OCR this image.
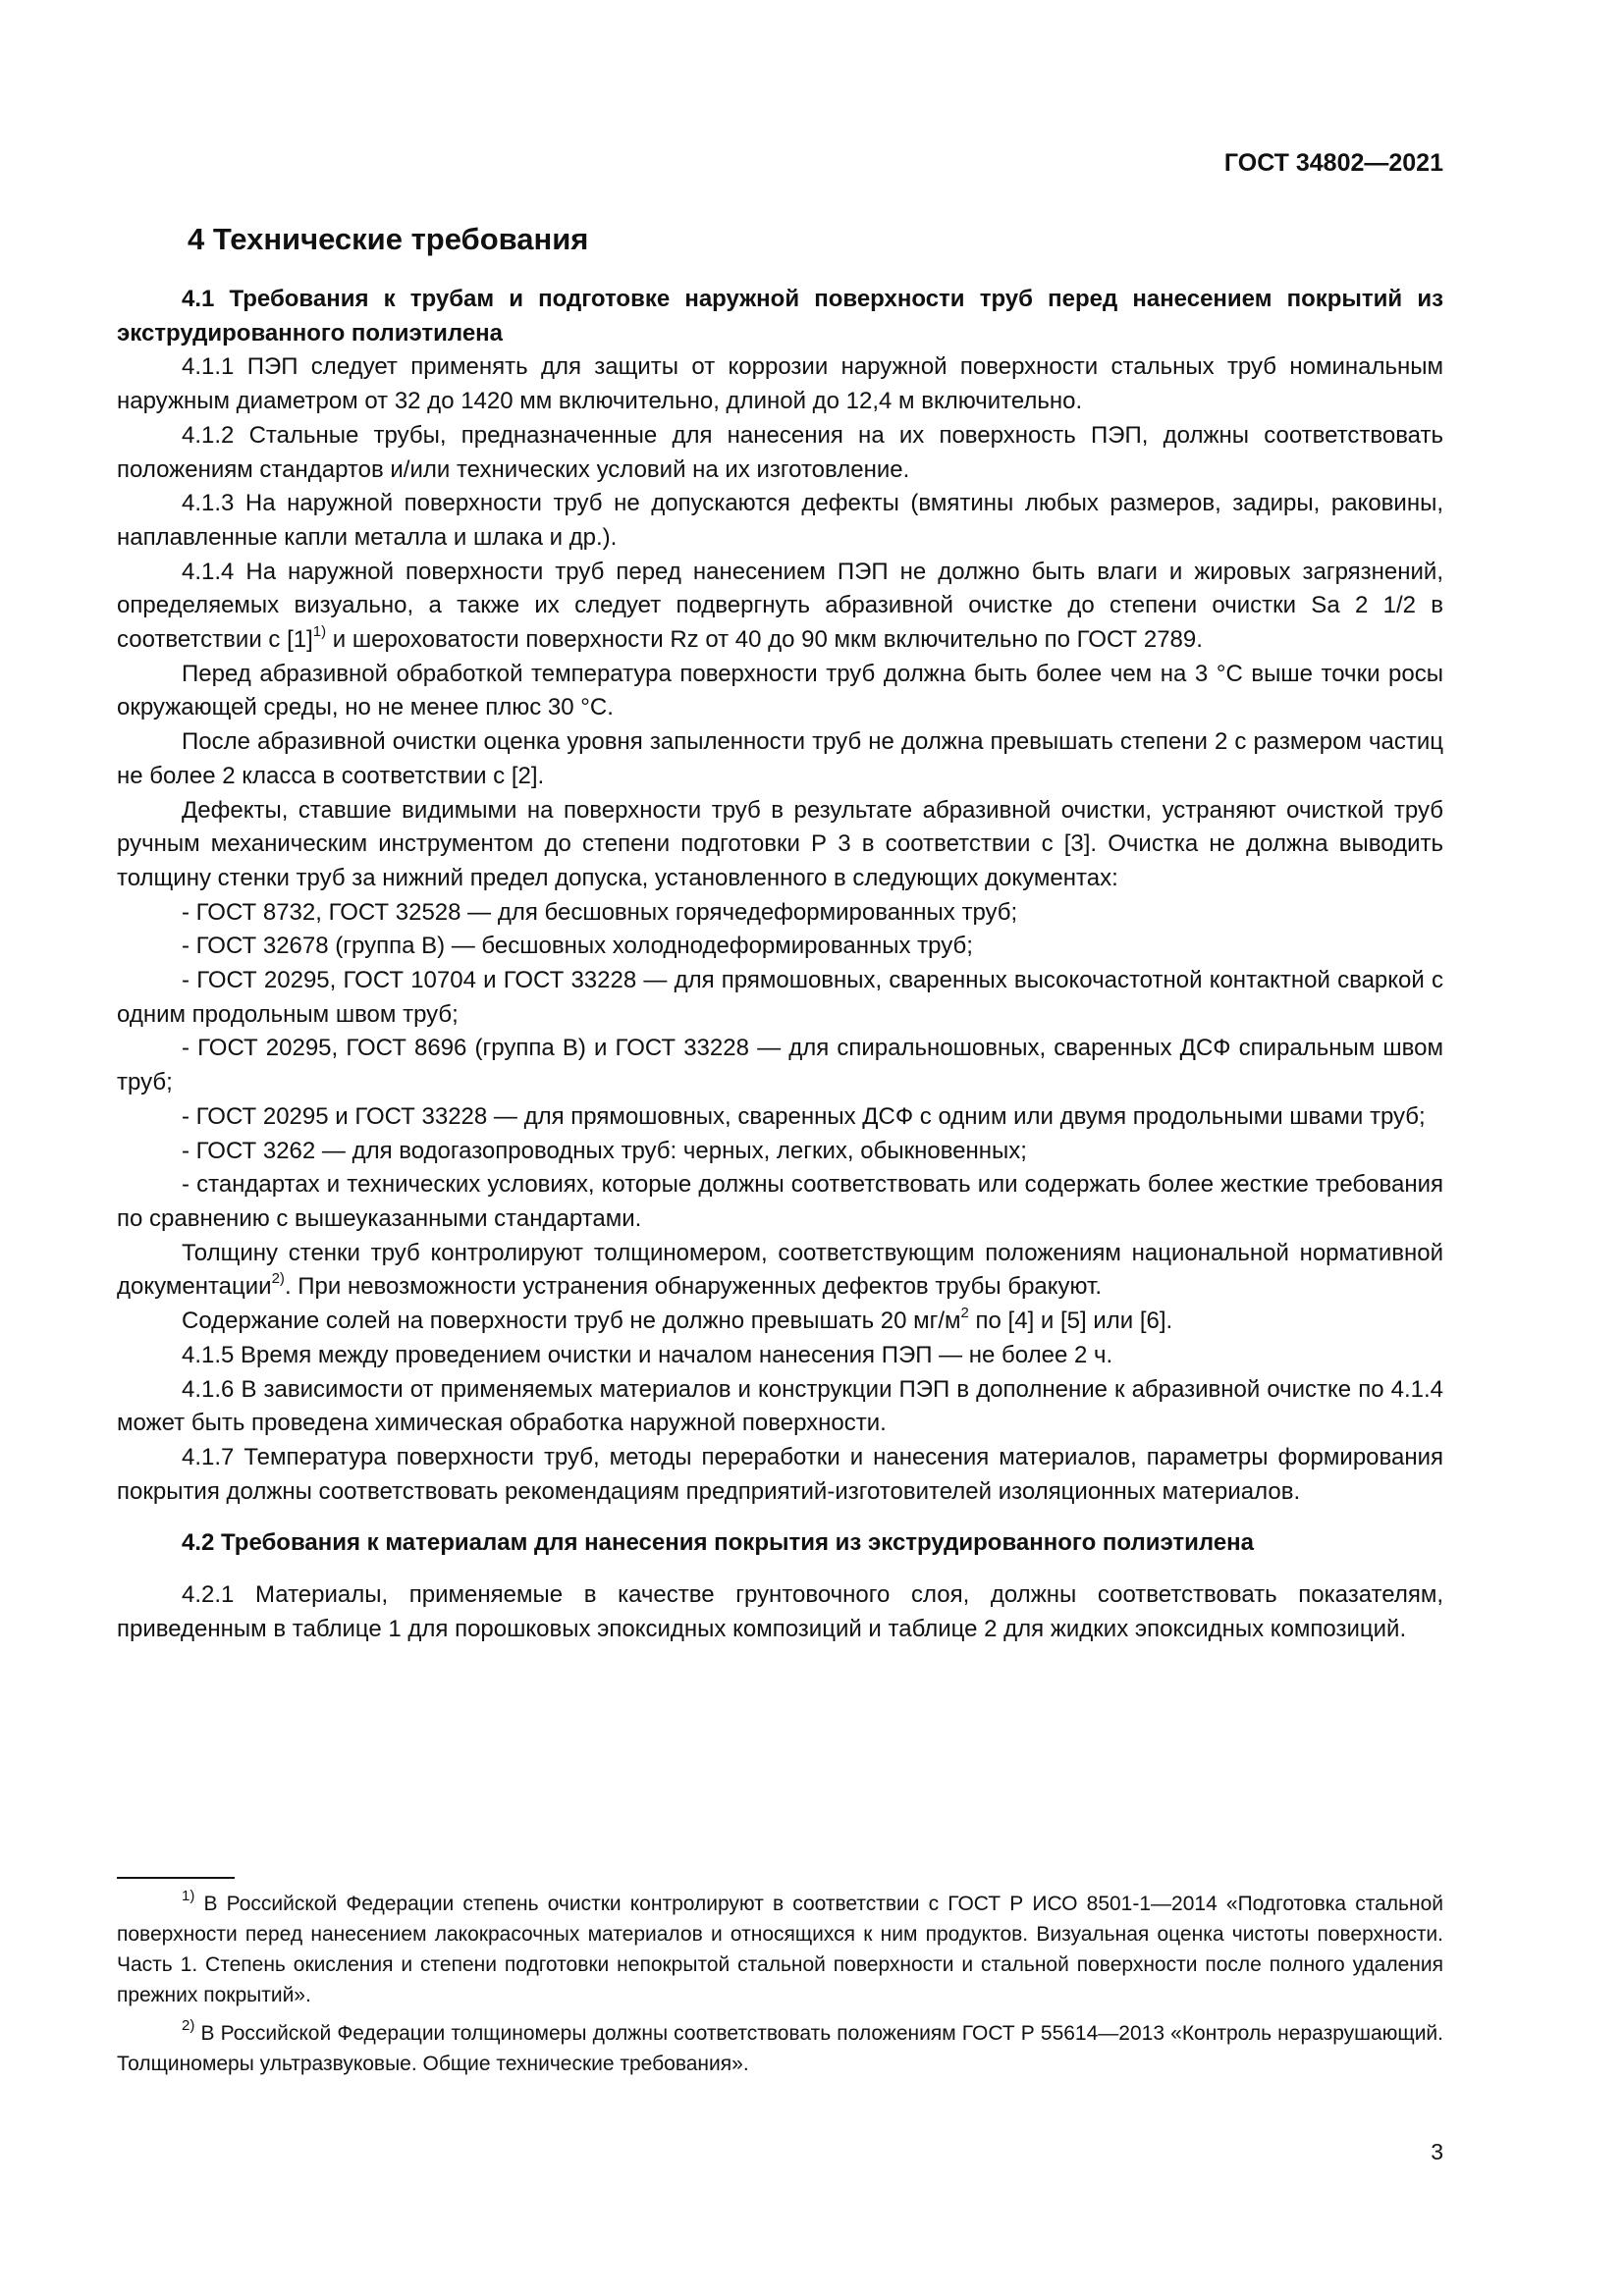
ГОСТ 34802—2021
4 Технические требования

4.1 Требования к трубам и подготовке наружной поверхности труб перед нанесением покрытий из экструдированного полиэтилена

4.1.1 ПЭП следует применять для защиты от коррозии наружной поверхности стальных труб номинальным наружным диаметром от 32 до 1420 мм включительно, длиной до 12,4 м включительно.

4.1.2 Стальные трубы, предназначенные для нанесения на их поверхность ПЭП, должны соответствовать положениям стандартов и/или технических условий на их изготовление.

4.1.3 На наружной поверхности труб не допускаются дефекты (вмятины любых размеров, задиры, раковины, наплавленные капли металла и шлака и др.).

4.1.4 На наружной поверхности труб перед нанесением ПЭП не должно быть влаги и жировых загрязнений, определяемых визуально, а также их следует подвергнуть абразивной очистке до степени очистки Sa 2 1/2 в соответствии с $[1]^{1)}$ и шероховатости поверхности Rz от 40 до 90 мкм включительно по ГОСТ 2789.

Перед абразивной обработкой температура поверхности труб должна быть более чем на 3 °С выше точки росы окружающей среды, но не менее плюс 30 °С.

После абразивной очистки оценка уровня запыленности труб не должна превышать степени 2 с размером частиц не более 2 класса в соответствии с [2].

Дефекты, ставшие видимыми на поверхности труб в результате абразивной очистки, устраняют очисткой труб ручным механическим инструментом до степени подготовки Р 3 в соответствии с [3]. Очистка не должна выводить толщину стенки труб за нижний предел допуска, установленного в следующих документах:

- ГОСТ 8732, ГОСТ 32528 — для бесшовных горячедеформированных труб;

- ГОСТ 32678 (группа В) — бесшовных холоднодеформированных труб;

- ГОСТ 20295, ГОСТ 10704 и ГОСТ 33228 — для прямошовных, сваренных высокочастотной контактной сваркой с одним продольным швом труб;

- ГОСТ 20295, ГОСТ 8696 (группа В) и ГОСТ 33228 — для спиральношовных, сваренных ДСФ спиральным швом труб;

- ГОСТ 20295 и ГОСТ 33228 — для прямошовных, сваренных ДСФ с одним или двумя продольными швами труб;

- ГОСТ 3262 — для водогазопроводных труб: черных, легких, обыкновенных;

- стандартах и технических условиях, которые должны соответствовать или содержать более жесткие требования по сравнению с вышеуказанными стандартами.

Толщину стенки труб контролируют толщиномером, соответствующим положениям национальной нормативной документации$^{2)}$. При невозможности устранения обнаруженных дефектов трубы бракуют.

Содержание солей на поверхности труб не должно превышать 20 $мг/м^2$ по [4] и [5] или [6].

4.1.5 Время между проведением очистки и началом нанесения ПЭП — не более 2 ч.

4.1.6 В зависимости от применяемых материалов и конструкции ПЭП в дополнение к абразивной очистке по 4.1.4 может быть проведена химическая обработка наружной поверхности.

4.1.7 Температура поверхности труб, методы переработки и нанесения материалов, параметры формирования покрытия должны соответствовать рекомендациям предприятий-изготовителей изоляционных материалов.

4.2 Требования к материалам для нанесения покрытия из экструдированного полиэтилена

4.2.1 Материалы, применяемые в качестве грунтовочного слоя, должны соответствовать показателям, приведенным в таблице 1 для порошковых эпоксидных композиций и таблице 2 для жидких эпоксидных композиций.

$^{1)}$ В Российской Федерации степень очистки контролируют в соответствии с ГОСТ Р ИСО 8501-1—2014 «Подготовка стальной поверхности перед нанесением лакокрасочных материалов и относящихся к ним продуктов. Визуальная оценка чистоты поверхности. Часть 1. Степень окисления и степени подготовки непокрытой стальной поверхности и стальной поверхности после полного удаления прежних покрытий».

$^{2)}$ В Российской Федерации толщиномеры должны соответствовать положениям ГОСТ Р 55614—2013 «Контроль неразрушающий. Толщиномеры ультразвуковые. Общие технические требования».

3
